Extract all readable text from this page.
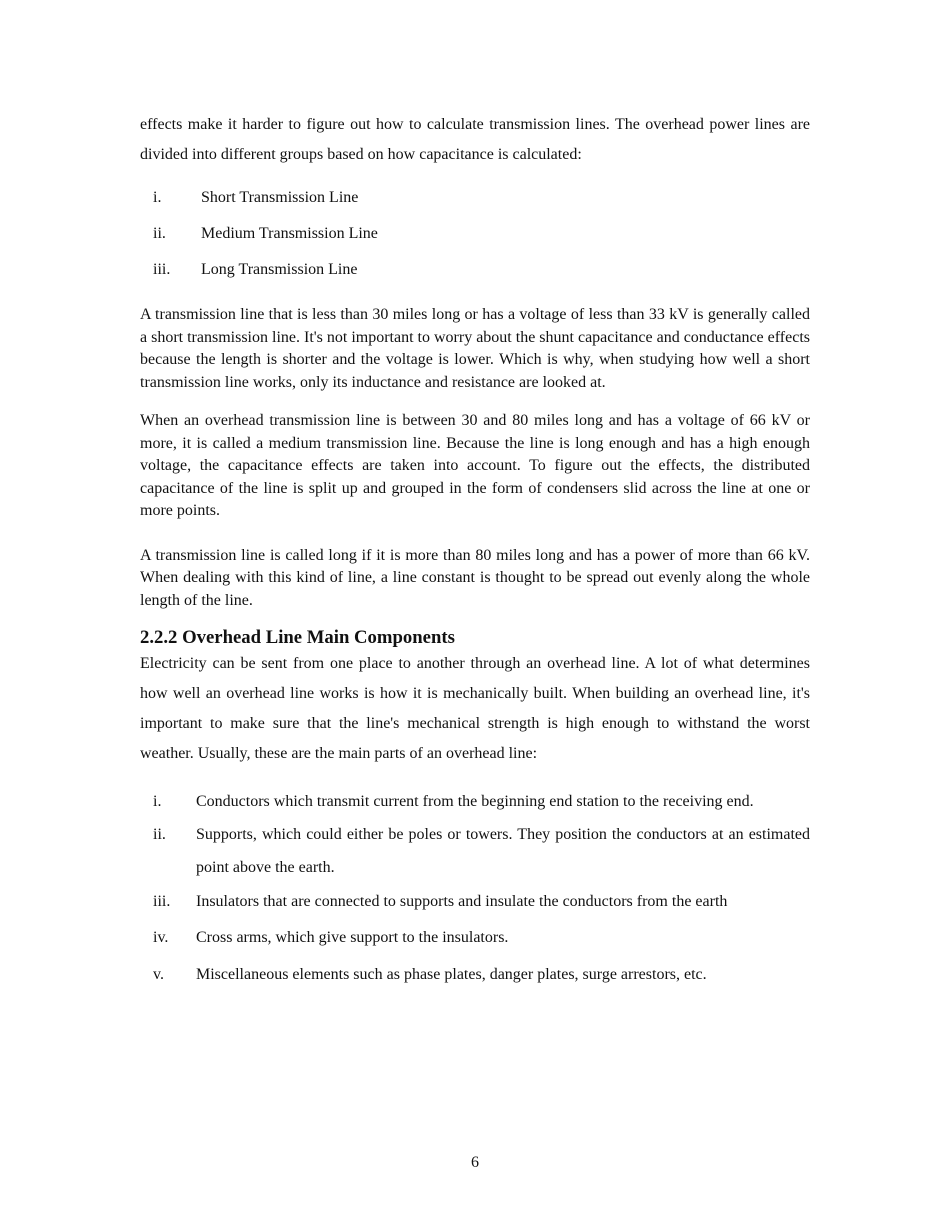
effects make it harder to figure out how to calculate transmission lines. The overhead power lines are divided into different groups based on how capacitance is calculated:

i. Short Transmission Line
ii. Medium Transmission Line
iii. Long Transmission Line

A transmission line that is less than 30 miles long or has a voltage of less than 33 kV is generally called a short transmission line. It's not important to worry about the shunt capacitance and conductance effects because the length is shorter and the voltage is lower. Which is why, when studying how well a short transmission line works, only its inductance and resistance are looked at.

When an overhead transmission line is between 30 and 80 miles long and has a voltage of 66 kV or more, it is called a medium transmission line. Because the line is long enough and has a high enough voltage, the capacitance effects are taken into account. To figure out the effects, the distributed capacitance of the line is split up and grouped in the form of condensers slid across the line at one or more points.

A transmission line is called long if it is more than 80 miles long and has a power of more than 66 kV. When dealing with this kind of line, a line constant is thought to be spread out evenly along the whole length of the line.

2.2.2 Overhead Line Main Components

Electricity can be sent from one place to another through an overhead line. A lot of what determines how well an overhead line works is how it is mechanically built. When building an overhead line, it's important to make sure that the line's mechanical strength is high enough to withstand the worst weather. Usually, these are the main parts of an overhead line:

i. Conductors which transmit current from the beginning end station to the receiving end.
ii. Supports, which could either be poles or towers. They position the conductors at an estimated point above the earth.
iii. Insulators that are connected to supports and insulate the conductors from the earth
iv. Cross arms, which give support to the insulators.
v. Miscellaneous elements such as phase plates, danger plates, surge arrestors, etc.
6
